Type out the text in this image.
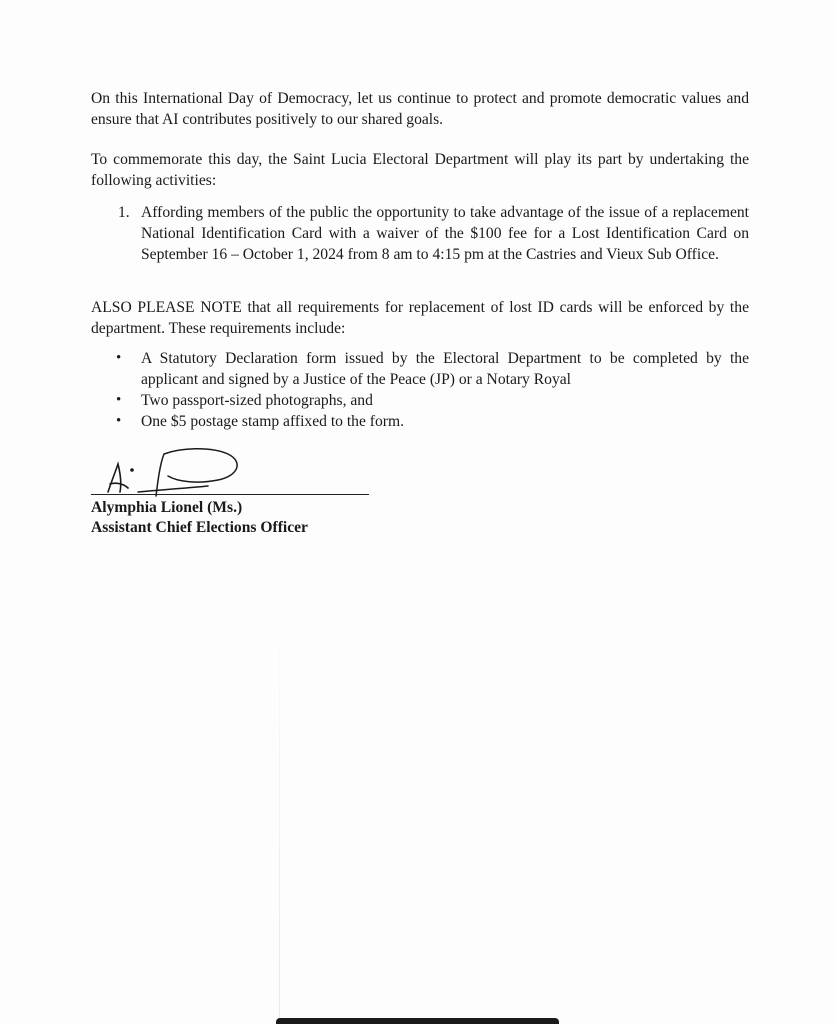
On this International Day of Democracy, let us continue to protect and promote democratic values and ensure that AI contributes positively to our shared goals.
To commemorate this day, the Saint Lucia Electoral Department will play its part by undertaking the following activities:
1. Affording members of the public the opportunity to take advantage of the issue of a replacement National Identification Card with a waiver of the $100 fee for a Lost Identification Card on September 16 – October 1, 2024 from 8 am to 4:15 pm at the Castries and Vieux Sub Office.
ALSO PLEASE NOTE that all requirements for replacement of lost ID cards will be enforced by the department. These requirements include:
• A Statutory Declaration form issued by the Electoral Department to be completed by the applicant and signed by a Justice of the Peace (JP) or a Notary Royal
• Two passport-sized photographs, and
• One $5 postage stamp affixed to the form.
Alymphia Lionel (Ms.)
Assistant Chief Elections Officer
